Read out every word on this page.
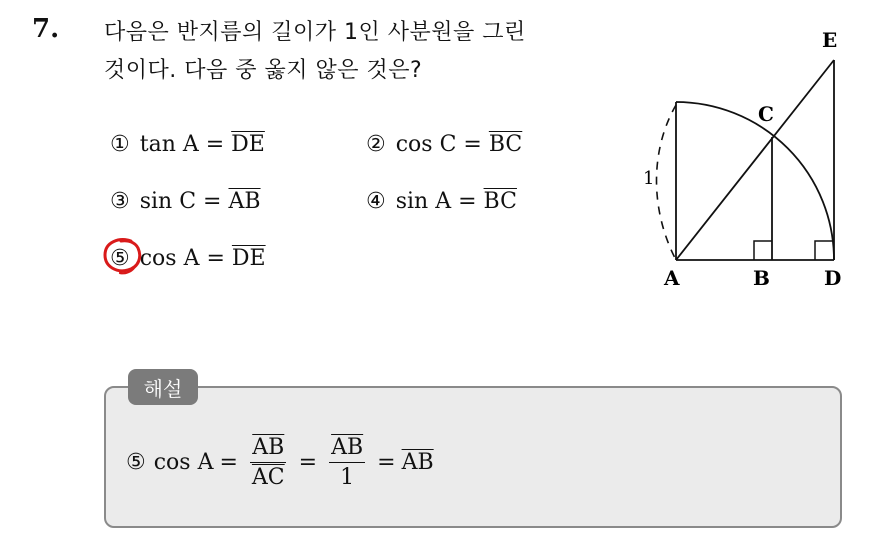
7. 다음은 반지름의 길이가 1인 사분원을 그린
것이다. 다음 중 옳지 않은 것은?
① $\tan A = \overline{DE}$	② $\cos C = \overline{BC}$
③ $\sin C = \overline{AB}$	④ $\sin A = \overline{BC}$
⑤ $\cos A = \overline{DE}$
A	B	D
C
E
1
해설
⑤ $\cos A = \frac{\overline{AB}}{AC} = \frac{\overline{AB}}{1} = \overline{AB}$
